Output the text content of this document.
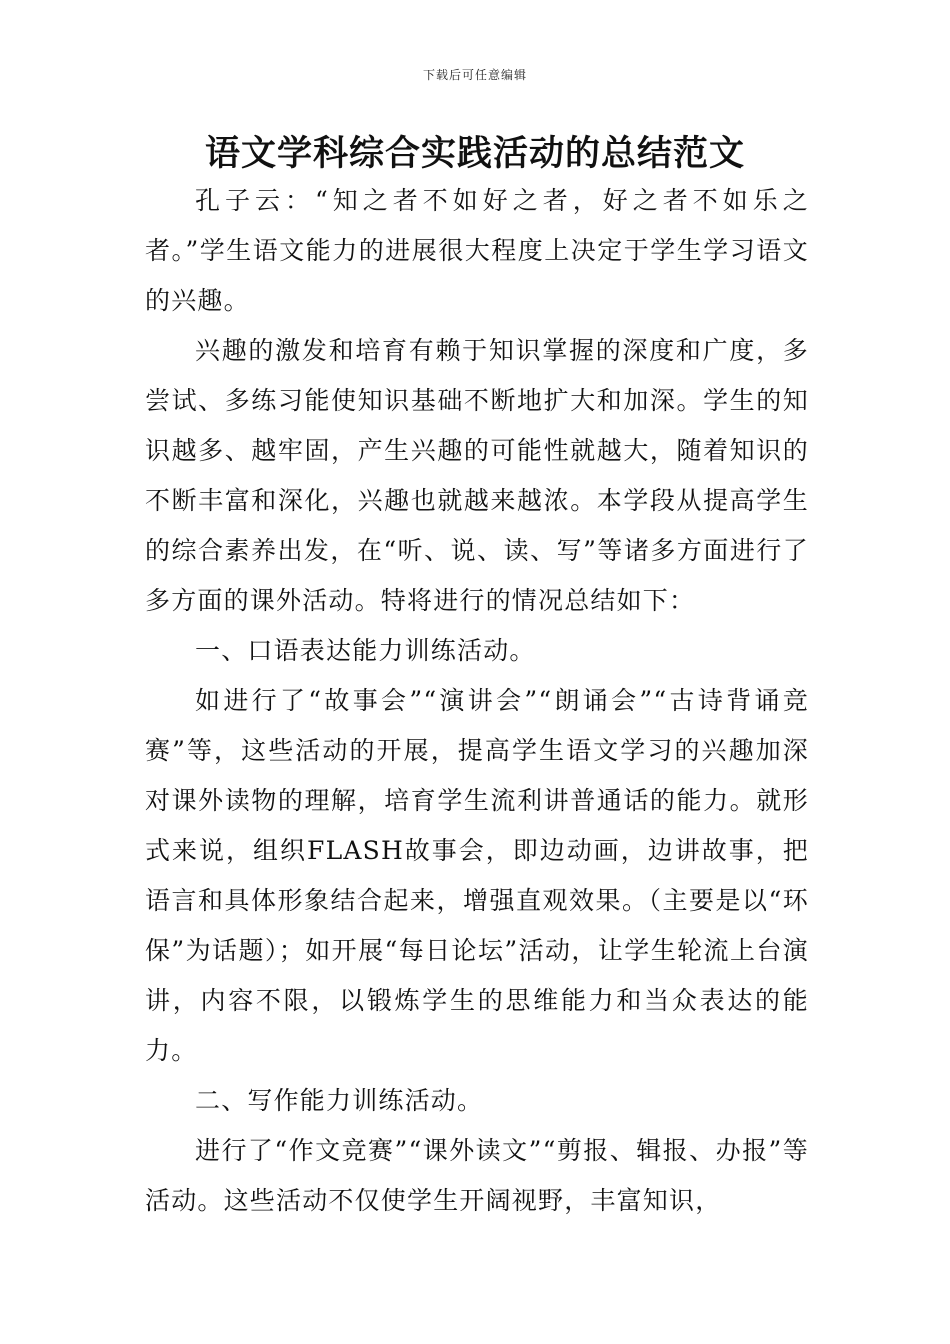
下载后可任意编辑
语文学科综合实践活动的总结范文

孔子云：“知之者不如好之者，好之者不如乐之者。”学生语文能力的进展很大程度上决定于学生学习语文的兴趣。

兴趣的激发和培育有赖于知识掌握的深度和广度，多尝试、多练习能使知识基础不断地扩大和加深。学生的知识越多、越牢固，产生兴趣的可能性就越大，随着知识的不断丰富和深化，兴趣也就越来越浓。本学段从提高学生的综合素养出发，在“听、说、读、写”等诸多方面进行了多方面的课外活动。特将进行的情况总结如下：

一、口语表达能力训练活动。

如进行了“故事会”“演讲会”“朗诵会”“古诗背诵竞赛”等，这些活动的开展，提高学生语文学习的兴趣加深对课外读物的理解，培育学生流利讲普通话的能力。就形式来说，组织FLASH故事会，即边动画，边讲故事，把语言和具体形象结合起来，增强直观效果。（主要是以“环保”为话题）；如开展“每日论坛”活动，让学生轮流上台演讲，内容不限，以锻炼学生的思维能力和当众表达的能力。

二、写作能力训练活动。

进行了“作文竞赛”“课外读文”“剪报、辑报、办报”等活动。这些活动不仅使学生开阔视野，丰富知识，
